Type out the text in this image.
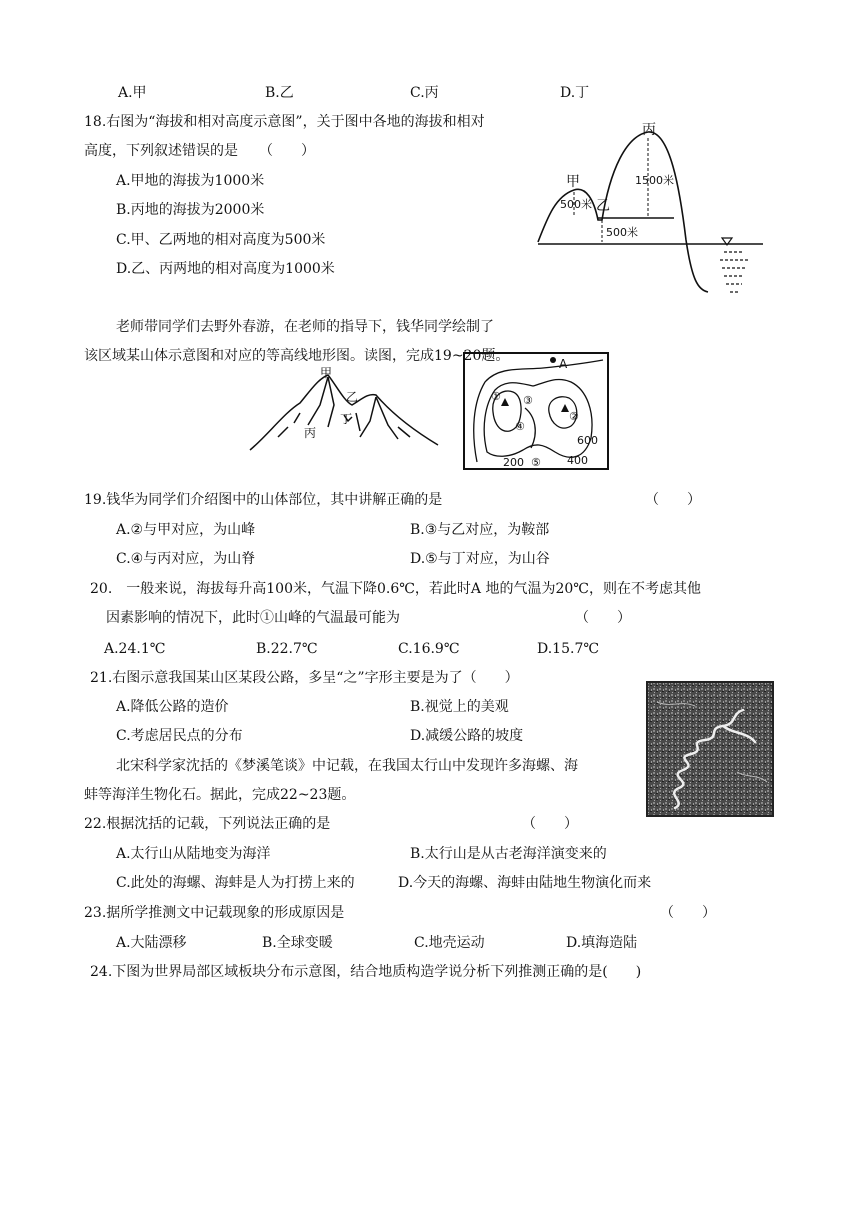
A.甲	B.乙	C.丙	D.丁
18.右图为“海拔和相对高度示意图”，关于图中各地的海拔和相对
高度，下列叙述错误的是　　（　　）
A.甲地的海拔为1000米
B.丙地的海拔为2000米
C.甲、乙两地的相对高度为500米
D.乙、丙两地的相对高度为1000米
甲
乙
丙
500米
500米
1500米
老师带同学们去野外春游，在老师的指导下，钱华同学绘制了
该区域某山体示意图和对应的等高线地形图。读图，完成19~20题。
甲
乙
丙
丁
A
①
②
③
④
⑤
600
200	400
19.钱华为同学们介绍图中的山体部位，其中讲解正确的是	（　　）
A.②与甲对应，为山峰	B.③与乙对应，为鞍部
C.④与丙对应，为山脊	D.⑤与丁对应，为山谷
20.　一般来说，海拔每升高100米，气温下降0.6℃，若此时A 地的气温为20℃，则在不考虑其他
因素影响的情况下，此时①山峰的气温最可能为	（　　）
A.24.1℃	B.22.7℃	C.16.9℃	D.15.7℃
21.右图示意我国某山区某段公路，多呈“之”字形主要是为了（　　）
A.降低公路的造价	B.视觉上的美观
C.考虑居民点的分布	D.减缓公路的坡度
北宋科学家沈括的《梦溪笔谈》中记载，在我国太行山中发现许多海螺、海
蚌等海洋生物化石。据此，完成22~23题。
22.根据沈括的记载，下列说法正确的是	（　　）
A.太行山从陆地变为海洋	B.太行山是从古老海洋演变来的
C.此处的海螺、海蚌是人为打捞上来的	D.今天的海螺、海蚌由陆地生物演化而来
23.据所学推测文中记载现象的形成原因是	（　　）
A.大陆漂移	B.全球变暖	C.地壳运动	D.填海造陆
24.下图为世界局部区域板块分布示意图，结合地质构造学说分析下列推测正确的是(　　)
